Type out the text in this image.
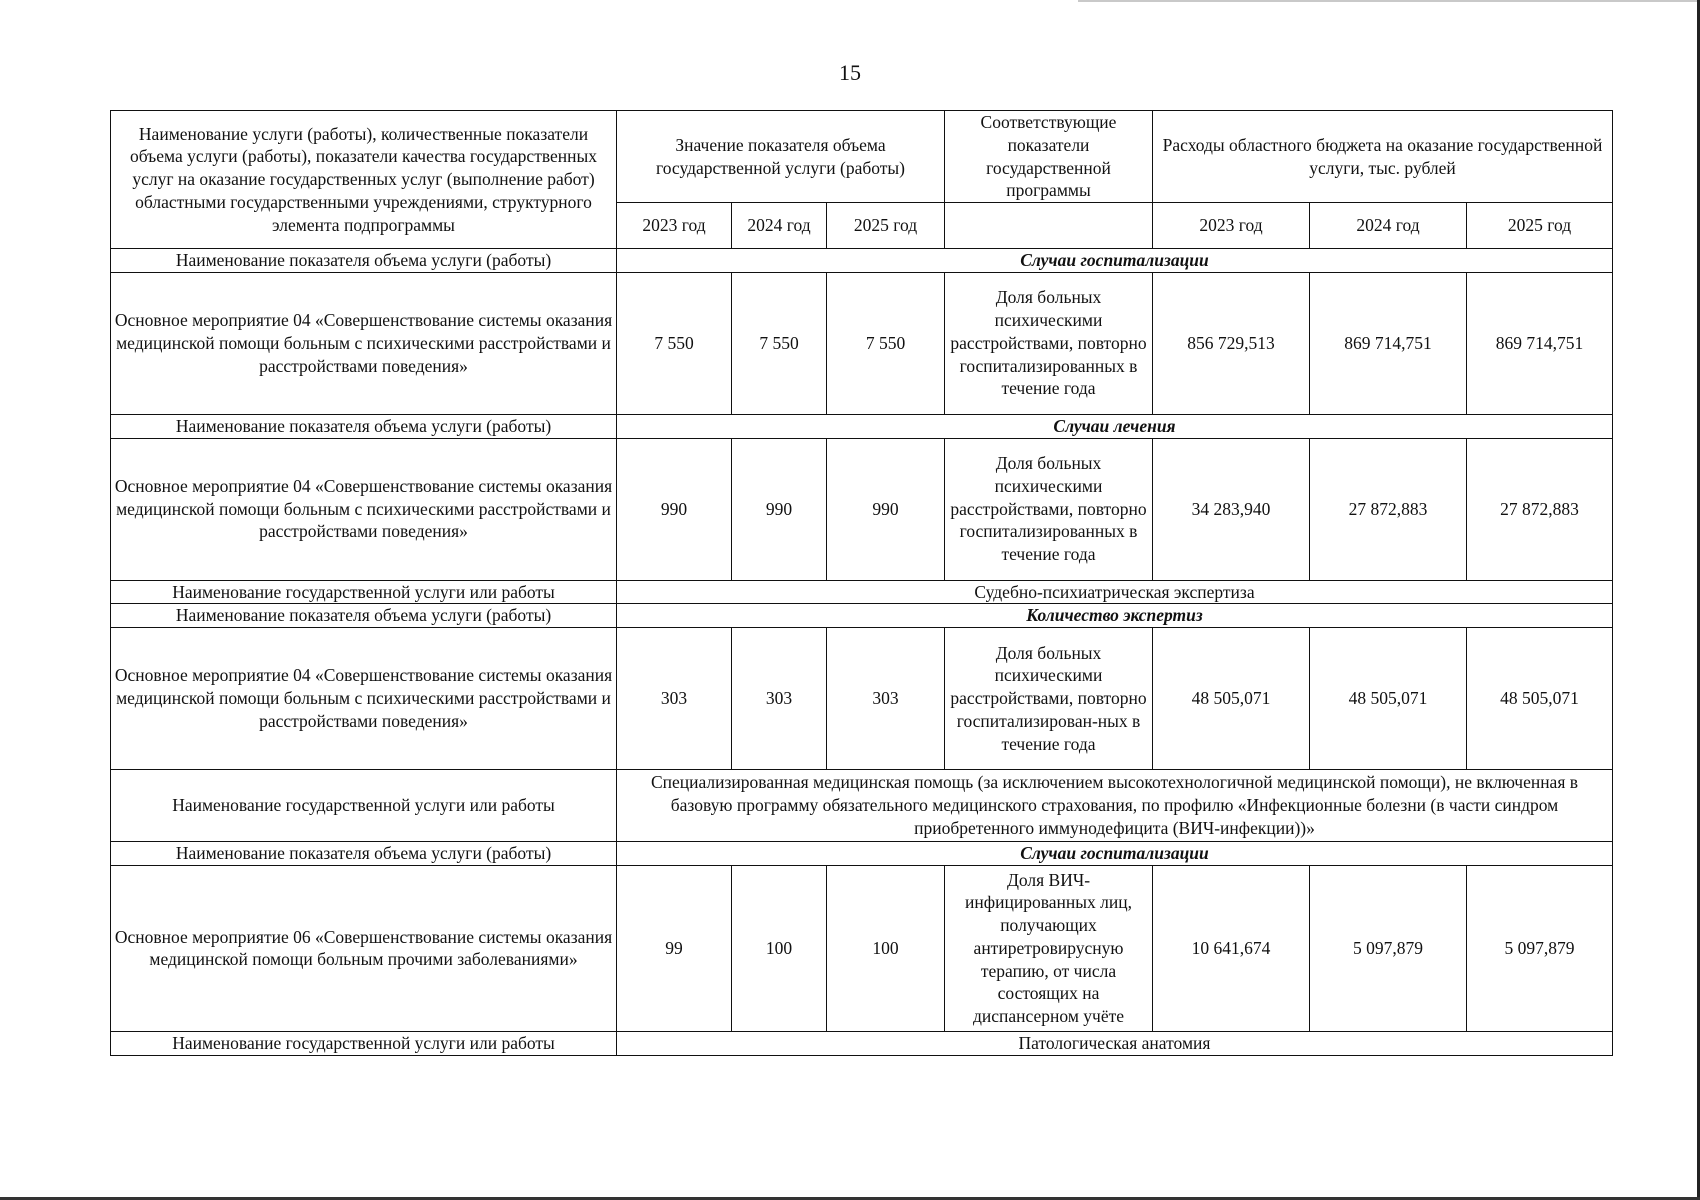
15
Наименование услуги (работы), количественные показатели объема услуги (работы), показатели качества государственных услуг на оказание государственных услуг (выполнение работ) областными государственными учреждениями, структурного элемента подпрограммы	Значение показателя объема государственной услуги (работы)			Соответствующие показатели государственной программы	Расходы областного бюджета на оказание государственной услуги, тыс. рублей		
	2023 год	2024 год	2025 год		2023 год	2024 год	2025 год
Наименование показателя объема услуги (работы)	Случаи госпитализации						
Основное мероприятие 04 «Совершенствование системы оказания медицинской помощи больным с психическими расстройствами и расстройствами поведения»	7 550	7 550	7 550	Доля больных психическими расстройствами, повторно госпитализированных в течение года	856 729,513	869 714,751	869 714,751
Наименование показателя объема услуги (работы)	Случаи лечения						
Основное мероприятие 04 «Совершенствование системы оказания медицинской помощи больным с психическими расстройствами и расстройствами поведения»	990	990	990	Доля больных психическими расстройствами, повторно госпитализированных в течение года	34 283,940	27 872,883	27 872,883
Наименование государственной услуги или работы	Судебно-психиатрическая экспертиза						
Наименование показателя объема услуги (работы)	Количество экспертиз						
Основное мероприятие 04 «Совершенствование системы оказания медицинской помощи больным с психическими расстройствами и расстройствами поведения»	303	303	303	Доля больных психическими расстройствами, повторно госпитализирован-ных в течение года	48 505,071	48 505,071	48 505,071
Наименование государственной услуги или работы	Специализированная медицинская помощь (за исключением высокотехнологичной медицинской помощи), не включенная в базовую программу обязательного медицинского страхования, по профилю «Инфекционные болезни (в части синдром приобретенного иммунодефицита (ВИЧ-инфекции))»						
Наименование показателя объема услуги (работы)	Случаи госпитализации						
Основное мероприятие 06 «Совершенствование системы оказания медицинской помощи больным прочими заболеваниями»	99	100	100	Доля ВИЧ-инфицированных лиц, получающих антиретровирусную терапию, от числа состоящих на диспансерном учёте	10 641,674	5 097,879	5 097,879
Наименование государственной услуги или работы	Патологическая анатомия						
